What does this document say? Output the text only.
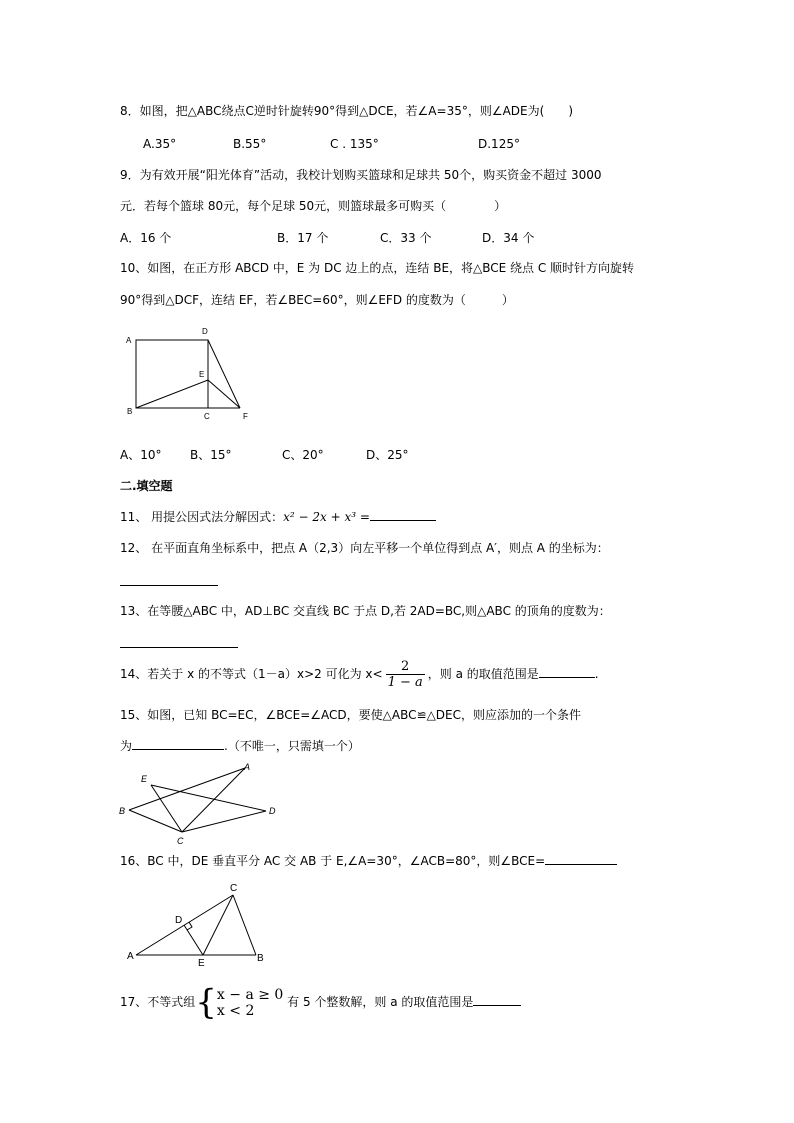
8．如图，把△ABC绕点C逆时针旋转90°得到△DCE，若∠A=35°，则∠ADE为(　　)
A.35°	B.55°	C . 135°	D.125°
9．为有效开展“阳光体育”活动，我校计划购买篮球和足球共 50个，购买资金不超过 3000
元．若每个篮球 80元，每个足球 50元，则篮球最多可购买（　　　　）
A．16 个	B．17 个	C．33 个	D．34 个
10、如图，在正方形 ABCD 中，E 为 DC 边上的点，连结 BE，将△BCE 绕点 C 顺时针方向旋转
90°得到△DCF，连结 EF，若∠BEC=60°，则∠EFD 的度数为（　　　）
A
D
E
B
C	F
A、10° B、15°	C、20°	D、25°
二.填空题
11、 用提公因式法分解因式：x² − 2x + x³ =
12、 在平面直角坐标系中，把点 A（2,3）向左平移一个单位得到点 A′，则点 A 的坐标为：
13、在等腰△ABC 中，AD⊥BC 交直线 BC 于点 D,若 2AD=BC,则△ABC 的顶角的度数为：
14、若关于 x 的不等式（1－a）x>2 可化为 $x< \frac{2}{1 - a}$ ，则 a 的取值范围是	.
15、如图，已知 BC=EC，∠BCE=∠ACD，要使△ABC≌△DEC，则应添加的一个条件
为	.（不唯一，只需填一个）
E
A
B	D
C
16、BC 中，DE 垂直平分 AC 交 AB 于 E,∠A=30°，∠ACB=80°，则∠BCE=
C
D
A
E	B
17、不等式组{ x − a ≥ 0
x < 2
有 5 个整数解，则 a 的取值范围是
